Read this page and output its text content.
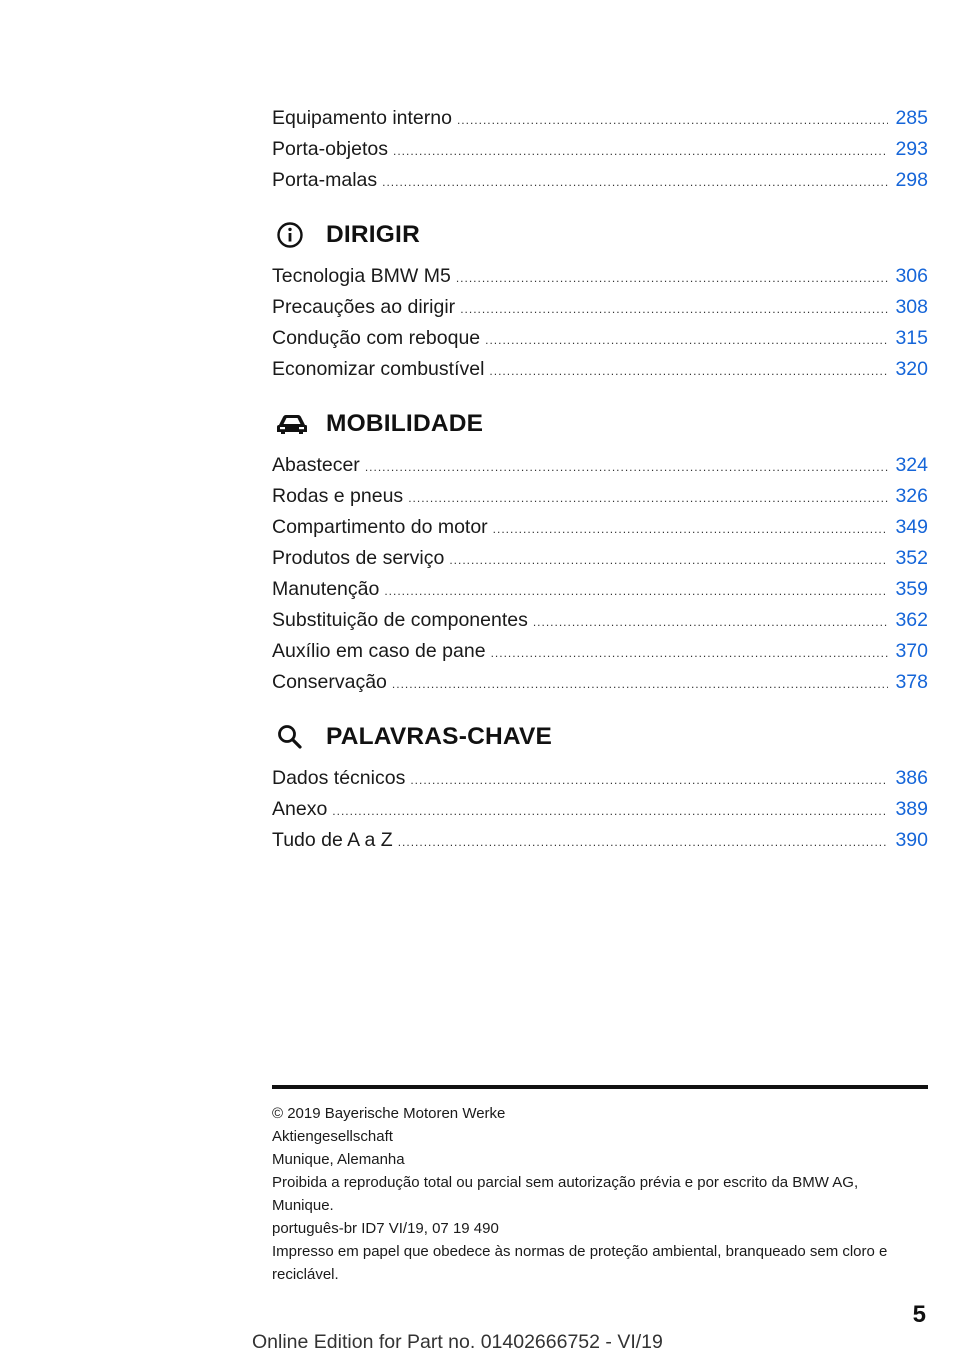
Equipamento interno .....	285
Porta-objetos .....	293
Porta-malas .....	298
DIRIGIR
Tecnologia BMW M5 .....	306
Precauções ao dirigir .....	308
Condução com reboque .....	315
Economizar combustível .....	320
MOBILIDADE
Abastecer .....	324
Rodas e pneus .....	326
Compartimento do motor .....	349
Produtos de serviço .....	352
Manutenção .....	359
Substituição de componentes .....	362
Auxílio em caso de pane .....	370
Conservação .....	378
PALAVRAS-CHAVE
Dados técnicos .....	386
Anexo .....	389
Tudo de A a Z .....	390

© 2019 Bayerische Motoren Werke

Aktiengesellschaft

Munique, Alemanha

Proibida a reprodução total ou parcial sem autorização prévia e por escrito da BMW AG,

Munique.

português-br ID7 VI/19, 07 19 490

Impresso em papel que obedece às normas de proteção ambiental, branqueado sem cloro e

reciclável.

5
Online Edition for Part no. 01402666752 - VI/19
